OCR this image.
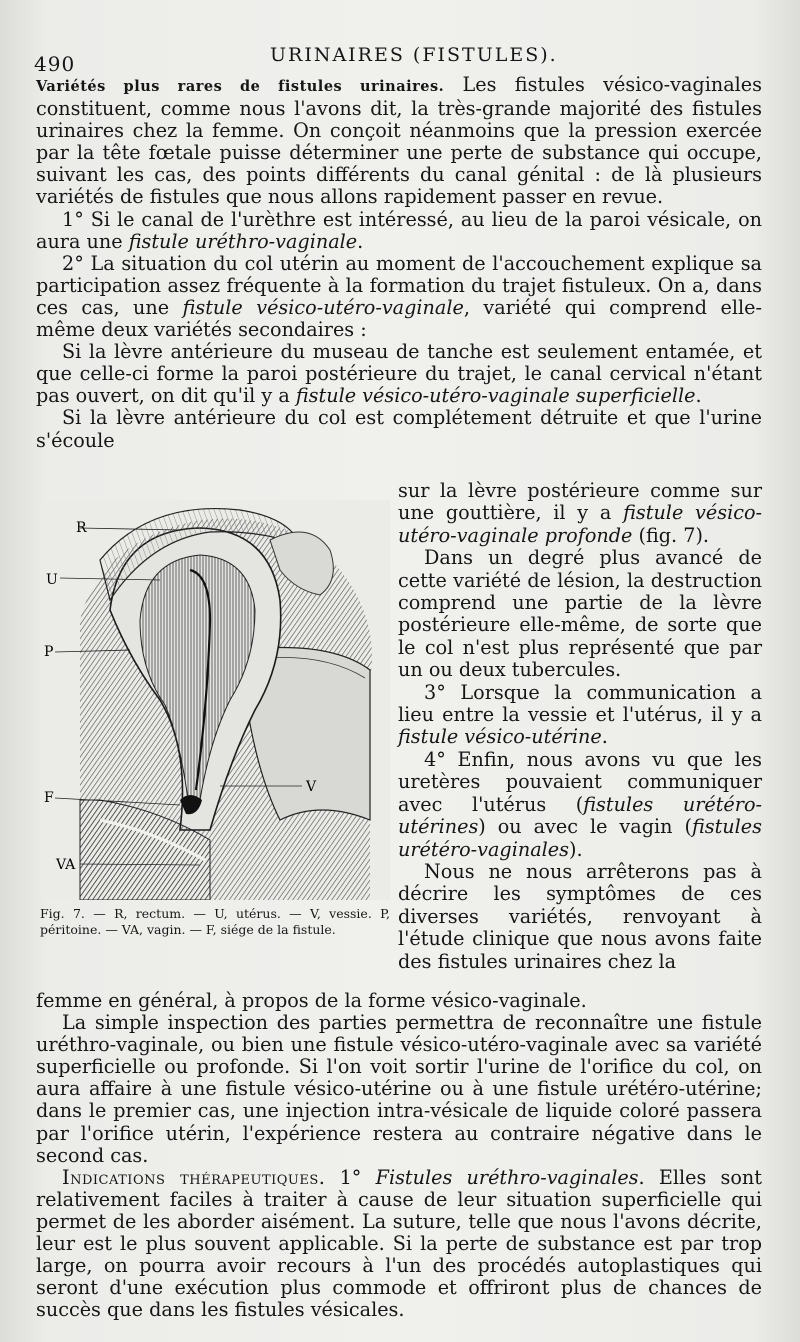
490	URINAIRES (FISTULES).

Variétés plus rares de fistules urinaires. Les fistules vésico-vaginales constituent, comme nous l'avons dit, la très-grande majorité des fistules urinaires chez la femme. On conçoit néanmoins que la pression exercée par la tête fœtale puisse déterminer une perte de substance qui occupe, suivant les cas, des points différents du canal génital : de là plusieurs variétés de fistules que nous allons rapidement passer en revue.

1° Si le canal de l'urèthre est intéressé, au lieu de la paroi vésicale, on aura une fistule uréthro-vaginale.

2° La situation du col utérin au moment de l'accouchement explique sa participation assez fréquente à la formation du trajet fistuleux. On a, dans ces cas, une fistule vésico-utéro-vaginale, variété qui comprend elle-même deux variétés secondaires :

Si la lèvre antérieure du museau de tanche est seulement entamée, et que celle-ci forme la paroi postérieure du trajet, le canal cervical n'étant pas ouvert, on dit qu'il y a fistule vésico-utéro-vaginale superficielle.

Si la lèvre antérieure du col est complétement détruite et que l'urine s'écoule

R
U
P
F
V
VA
Fig. 7. — R, rectum. — U, utérus. — V, vessie. P, péritoine. — VA, vagin. — F, siége de la fistule.

sur la lèvre postérieure comme sur une gouttière, il y a fistule vésico-utéro-vaginale profonde (fig. 7).

Dans un degré plus avancé de cette variété de lésion, la destruction comprend une partie de la lèvre postérieure elle-même, de sorte que le col n'est plus représenté que par un ou deux tubercules.

3° Lorsque la communication a lieu entre la vessie et l'utérus, il y a fistule vésico-utérine.

4° Enfin, nous avons vu que les uretères pouvaient communiquer avec l'utérus (fistules urétéro-utérines) ou avec le vagin (fistules urétéro-vaginales).

Nous ne nous arrêterons pas à décrire les symptômes de ces diverses variétés, renvoyant à l'étude clinique que nous avons faite des fistules urinaires chez la

femme en général, à propos de la forme vésico-vaginale.

La simple inspection des parties permettra de reconnaître une fistule uréthro-vaginale, ou bien une fistule vésico-utéro-vaginale avec sa variété superficielle ou profonde. Si l'on voit sortir l'urine de l'orifice du col, on aura affaire à une fistule vésico-utérine ou à une fistule urétéro-utérine; dans le premier cas, une injection intra-vésicale de liquide coloré passera par l'orifice utérin, l'expérience restera au contraire négative dans le second cas.

Indications thérapeutiques. 1° Fistules uréthro-vaginales. Elles sont relativement faciles à traiter à cause de leur situation superficielle qui permet de les aborder aisément. La suture, telle que nous l'avons décrite, leur est le plus souvent applicable. Si la perte de substance est par trop large, on pourra avoir recours à l'un des procédés autoplastiques qui seront d'une exécution plus commode et offriront plus de chances de succès que dans les fistules vésicales.
